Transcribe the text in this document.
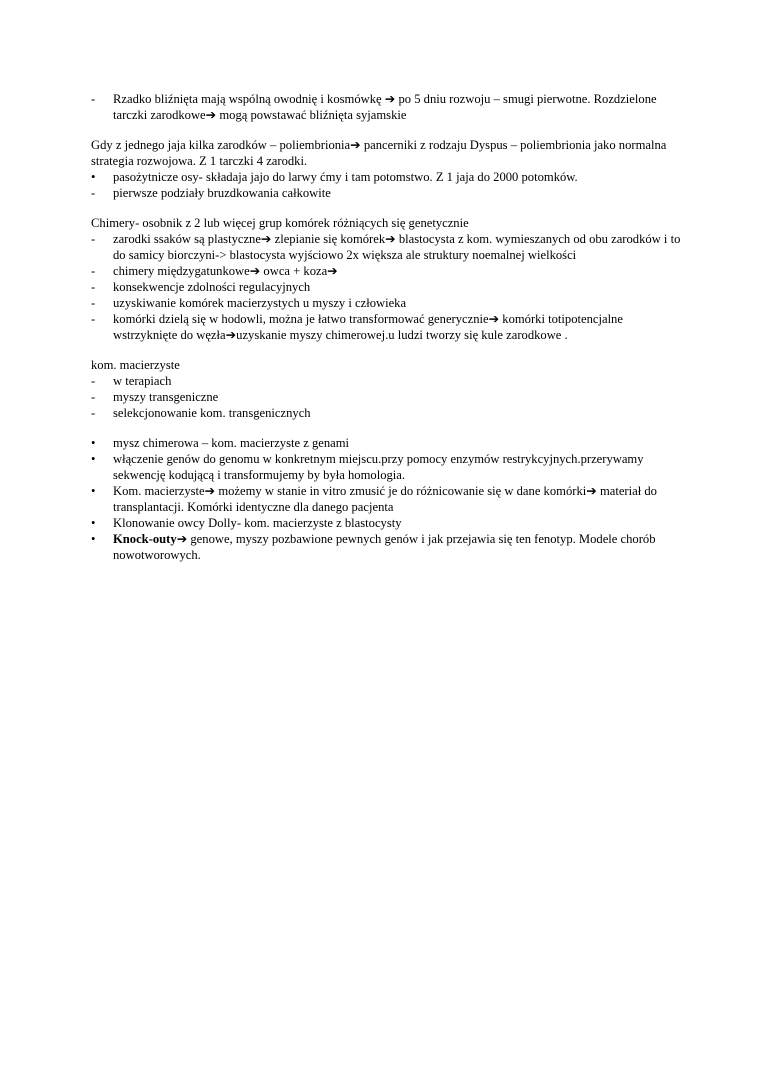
-	Rzadko bliźnięta mają wspólną owodnię i kosmówkę ➔ po 5 dniu rozwoju – smugi pierwotne. Rozdzielone tarczki zarodkowe➔ mogą powstawać bliźnięta syjamskie

Gdy z jednego jaja kilka zarodków – poliembrionia➔ pancerniki z rodzaju Dyspus – poliembrionia jako normalna strategia rozwojowa. Z 1 tarczki 4 zarodki.

•	pasożytnicze osy- składaja jajo do larwy ćmy i tam potomstwo. Z 1 jaja do 2000 potomków.
-	pierwsze podziały bruzdkowania całkowite

Chimery- osobnik z 2 lub więcej grup komórek różniących się genetycznie

-	zarodki ssaków są plastyczne➔ zlepianie się komórek➔ blastocysta z kom. wymieszanych od obu zarodków i to do samicy biorczyni-> blastocysta wyjściowo 2x większa ale struktury noemalnej wielkości
-	chimery międzygatunkowe➔ owca + koza➔
-	konsekwencje zdolności regulacyjnych
-	uzyskiwanie komórek macierzystych u myszy i człowieka
-	komórki dzielą się w hodowli, można je łatwo transformować generycznie➔ komórki totipotencjalne wstrzyknięte do węzła➔uzyskanie myszy chimerowej.u ludzi tworzy się kule zarodkowe .

kom. macierzyste

-	w terapiach
-	myszy transgeniczne
-	selekcjonowanie kom. transgenicznych
•	mysz chimerowa – kom. macierzyste z genami
•	włączenie genów do genomu w konkretnym miejscu.przy pomocy enzymów restrykcyjnych.przerywamy sekwencję kodującą i transformujemy by była homologia.
•	Kom. macierzyste➔ możemy w stanie in vitro zmusić je do różnicowanie się w dane komórki➔ materiał do transplantacji. Komórki identyczne dla danego pacjenta
•	Klonowanie owcy Dolly- kom. macierzyste z blastocysty
•	Knock-outy➔ genowe, myszy pozbawione pewnych genów i jak przejawia się ten fenotyp. Modele chorób nowotworowych.
